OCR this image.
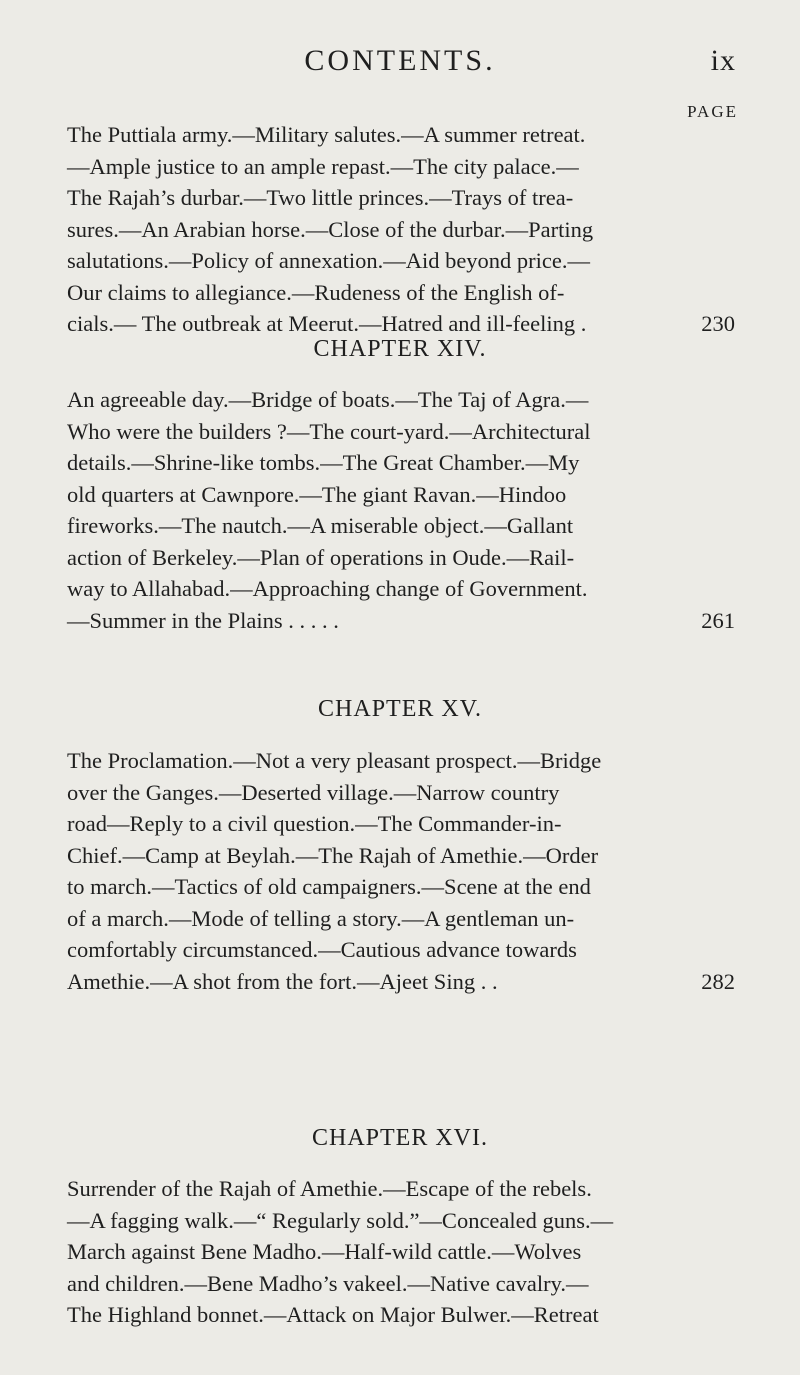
CONTENTS.	ix
PAGE
The Puttiala army.—Military salutes.—A summer retreat.
—Ample justice to an ample repast.—The city palace.—
The Rajah’s durbar.—Two little princes.—Trays of trea-
sures.—An Arabian horse.—Close of the durbar.—Parting
salutations.—Policy of annexation.—Aid beyond price.—
Our claims to allegiance.—Rudeness of the English of-
cials.— The outbreak at Meerut.—Hatred and ill-feeling .	230
CHAPTER XIV.
An agreeable day.—Bridge of boats.—The Taj of Agra.—
Who were the builders ?—The court-yard.—Architectural
details.—Shrine-like tombs.—The Great Chamber.—My
old quarters at Cawnpore.—The giant Ravan.—Hindoo
fireworks.—The nautch.—A miserable object.—Gallant
action of Berkeley.—Plan of operations in Oude.—Rail-
way to Allahabad.—Approaching change of Government.
—Summer in the Plains . . . . .	261
CHAPTER XV.
The Proclamation.—Not a very pleasant prospect.—Bridge
over the Ganges.—Deserted village.—Narrow country
road—Reply to a civil question.—The Commander-in-
Chief.—Camp at Beylah.—The Rajah of Amethie.—Order
to march.—Tactics of old campaigners.—Scene at the end
of a march.—Mode of telling a story.—A gentleman un-
comfortably circumstanced.—Cautious advance towards
Amethie.—A shot from the fort.—Ajeet Sing . .	282
CHAPTER XVI.
Surrender of the Rajah of Amethie.—Escape of the rebels.
—A fagging walk.—“ Regularly sold.”—Concealed guns.—
March against Bene Madho.—Half-wild cattle.—Wolves
and children.—Bene Madho’s vakeel.—Native cavalry.—
The Highland bonnet.—Attack on Major Bulwer.—Retreat
